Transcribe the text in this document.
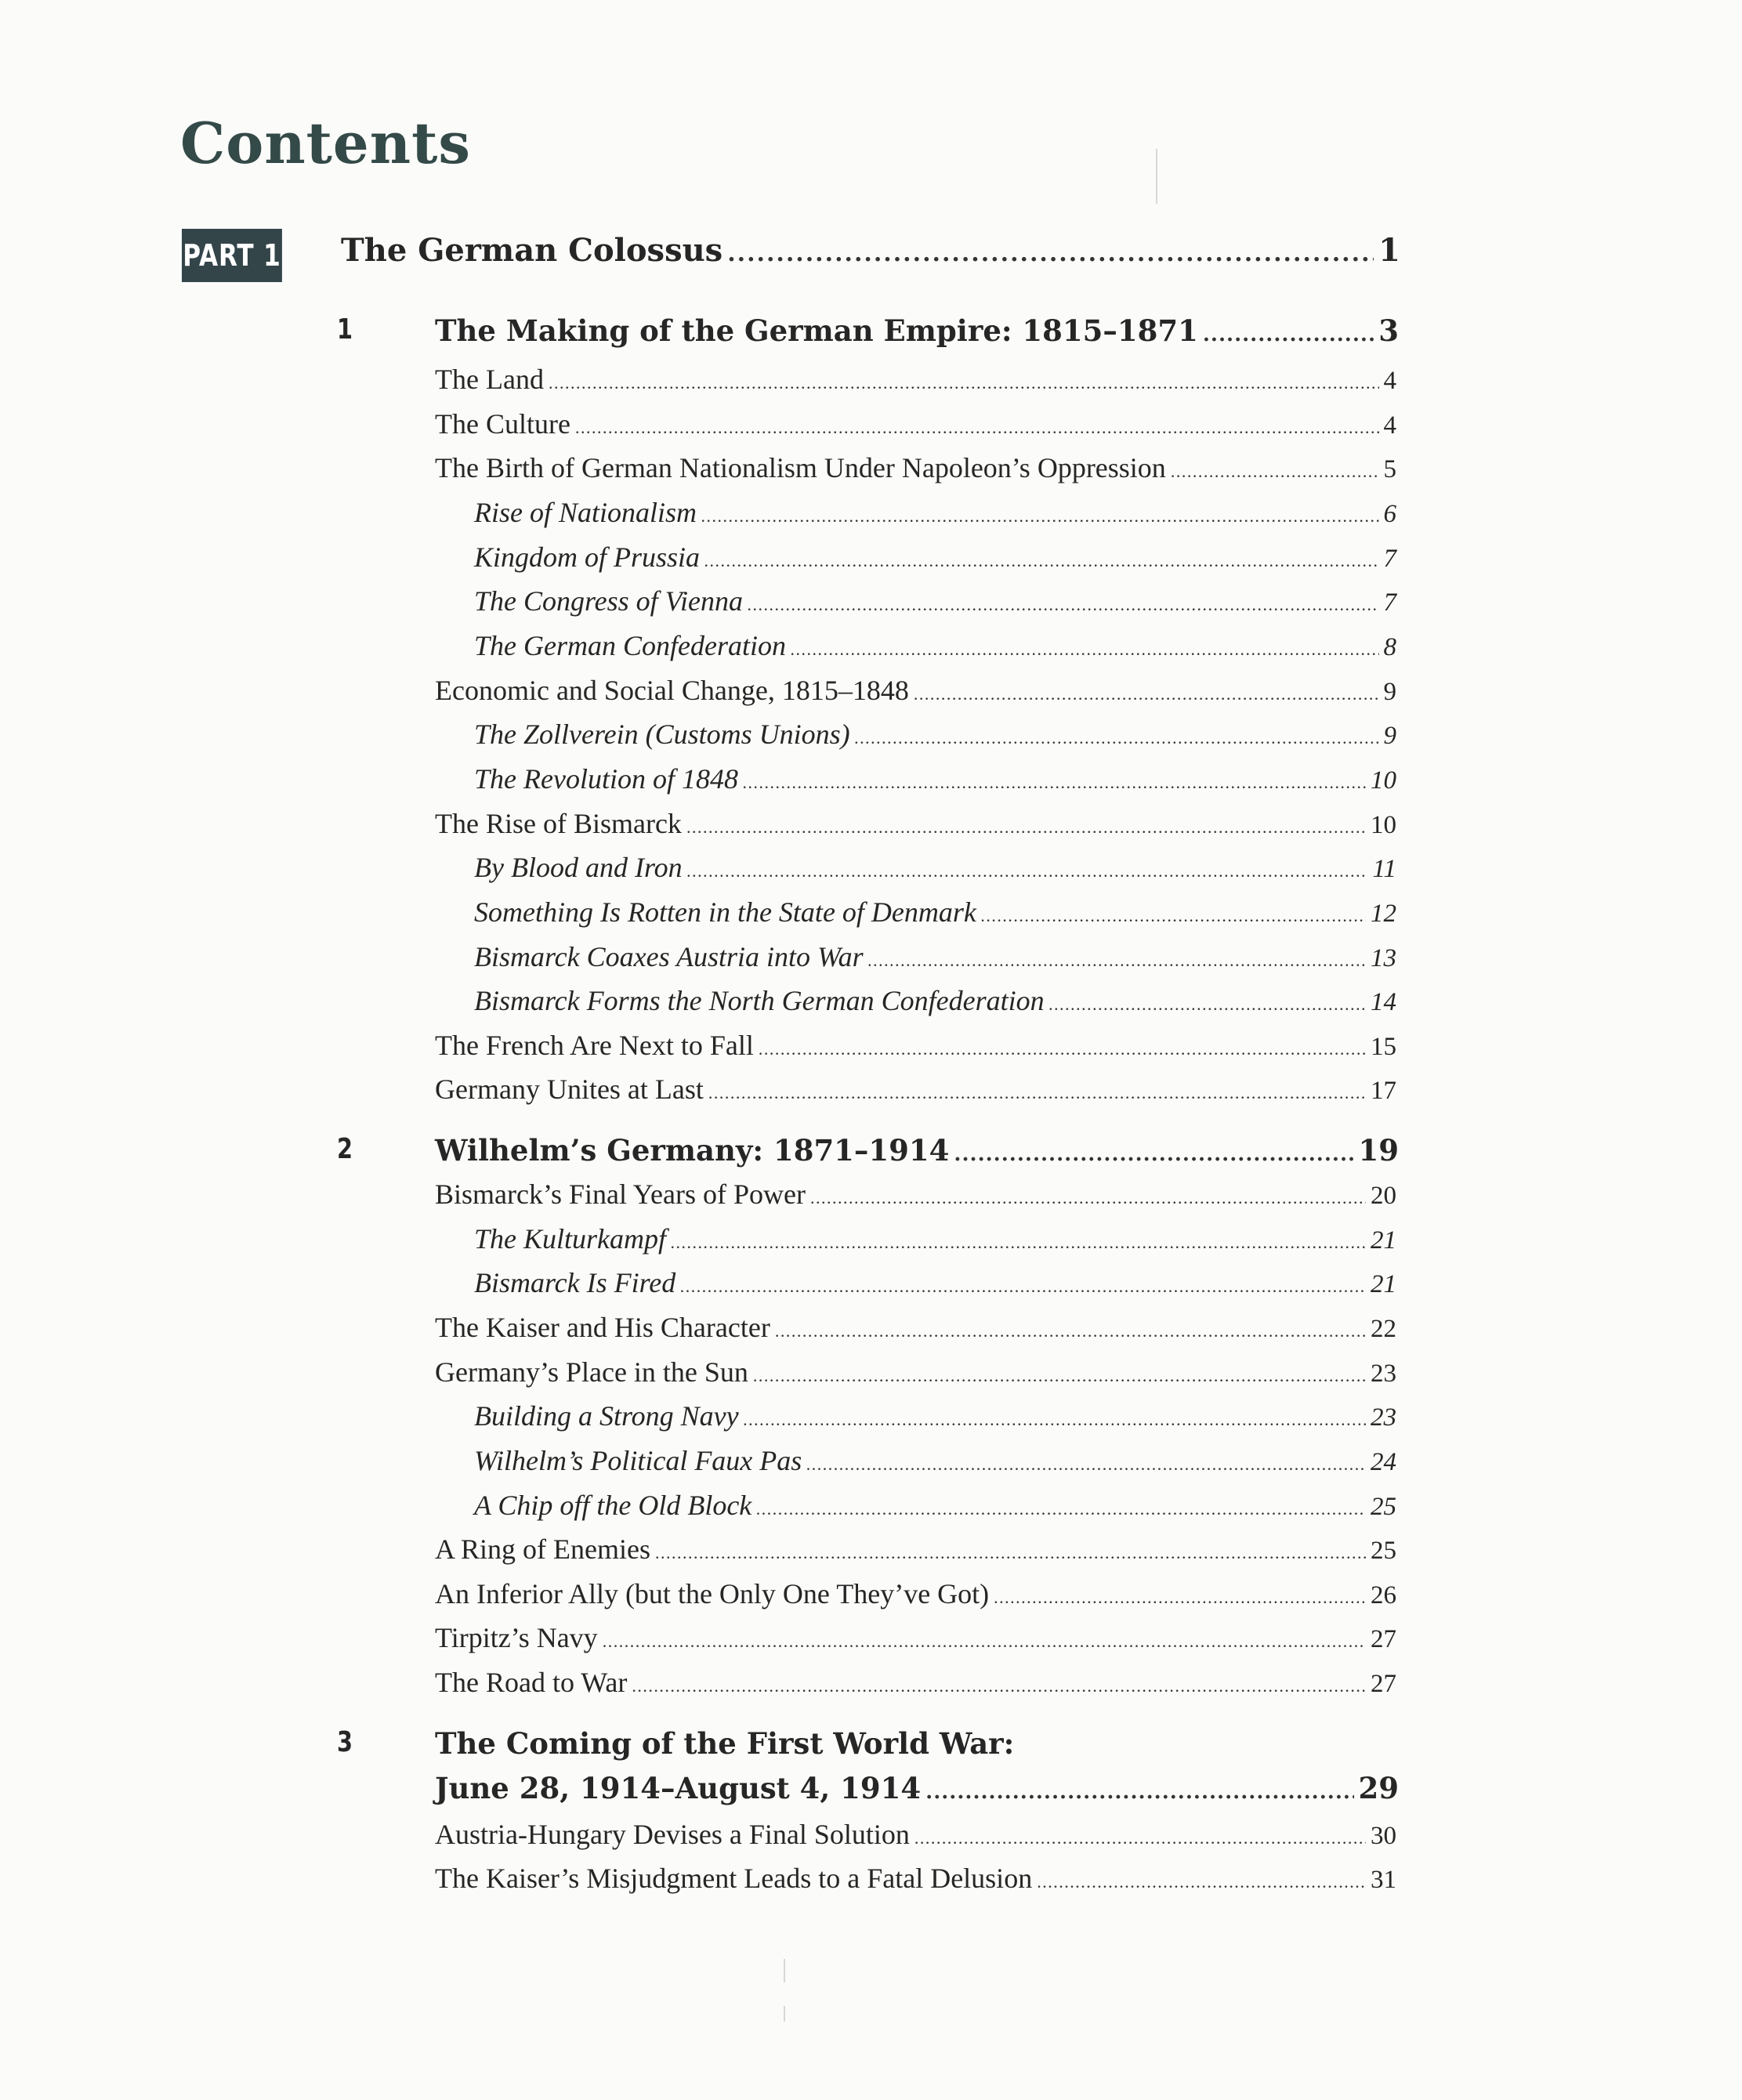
Contents
PART 1 The German Colossus .....	1
1	The Making of the German Empire: 1815–1871 .....	3
The Land .....	4
The Culture .....	4
The Birth of German Nationalism Under Napoleon’s Oppression .....	5
Rise of Nationalism .....	6
Kingdom of Prussia .....	7
The Congress of Vienna .....	7
The German Confederation .....	8
Economic and Social Change, 1815–1848 .....	9
The Zollverein (Customs Unions) .....	9
The Revolution of 1848 .....	10
The Rise of Bismarck .....	10
By Blood and Iron .....	11
Something Is Rotten in the State of Denmark .....	12
Bismarck Coaxes Austria into War .....	13
Bismarck Forms the North German Confederation .....	14
The French Are Next to Fall .....	15
Germany Unites at Last .....	17
2	Wilhelm’s Germany: 1871–1914 .....	19
Bismarck’s Final Years of Power .....	20
The Kulturkampf .....	21
Bismarck Is Fired .....	21
The Kaiser and His Character .....	22
Germany’s Place in the Sun .....	23
Building a Strong Navy .....	23
Wilhelm’s Political Faux Pas .....	24
A Chip off the Old Block .....	25
A Ring of Enemies .....	25
An Inferior Ally (but the Only One They’ve Got) .....	26
Tirpitz’s Navy .....	27
The Road to War .....	27
3	The Coming of the First World War:
June 28, 1914–August 4, 1914 .....	29
Austria-Hungary Devises a Final Solution .....	30
The Kaiser’s Misjudgment Leads to a Fatal Delusion .....	31
